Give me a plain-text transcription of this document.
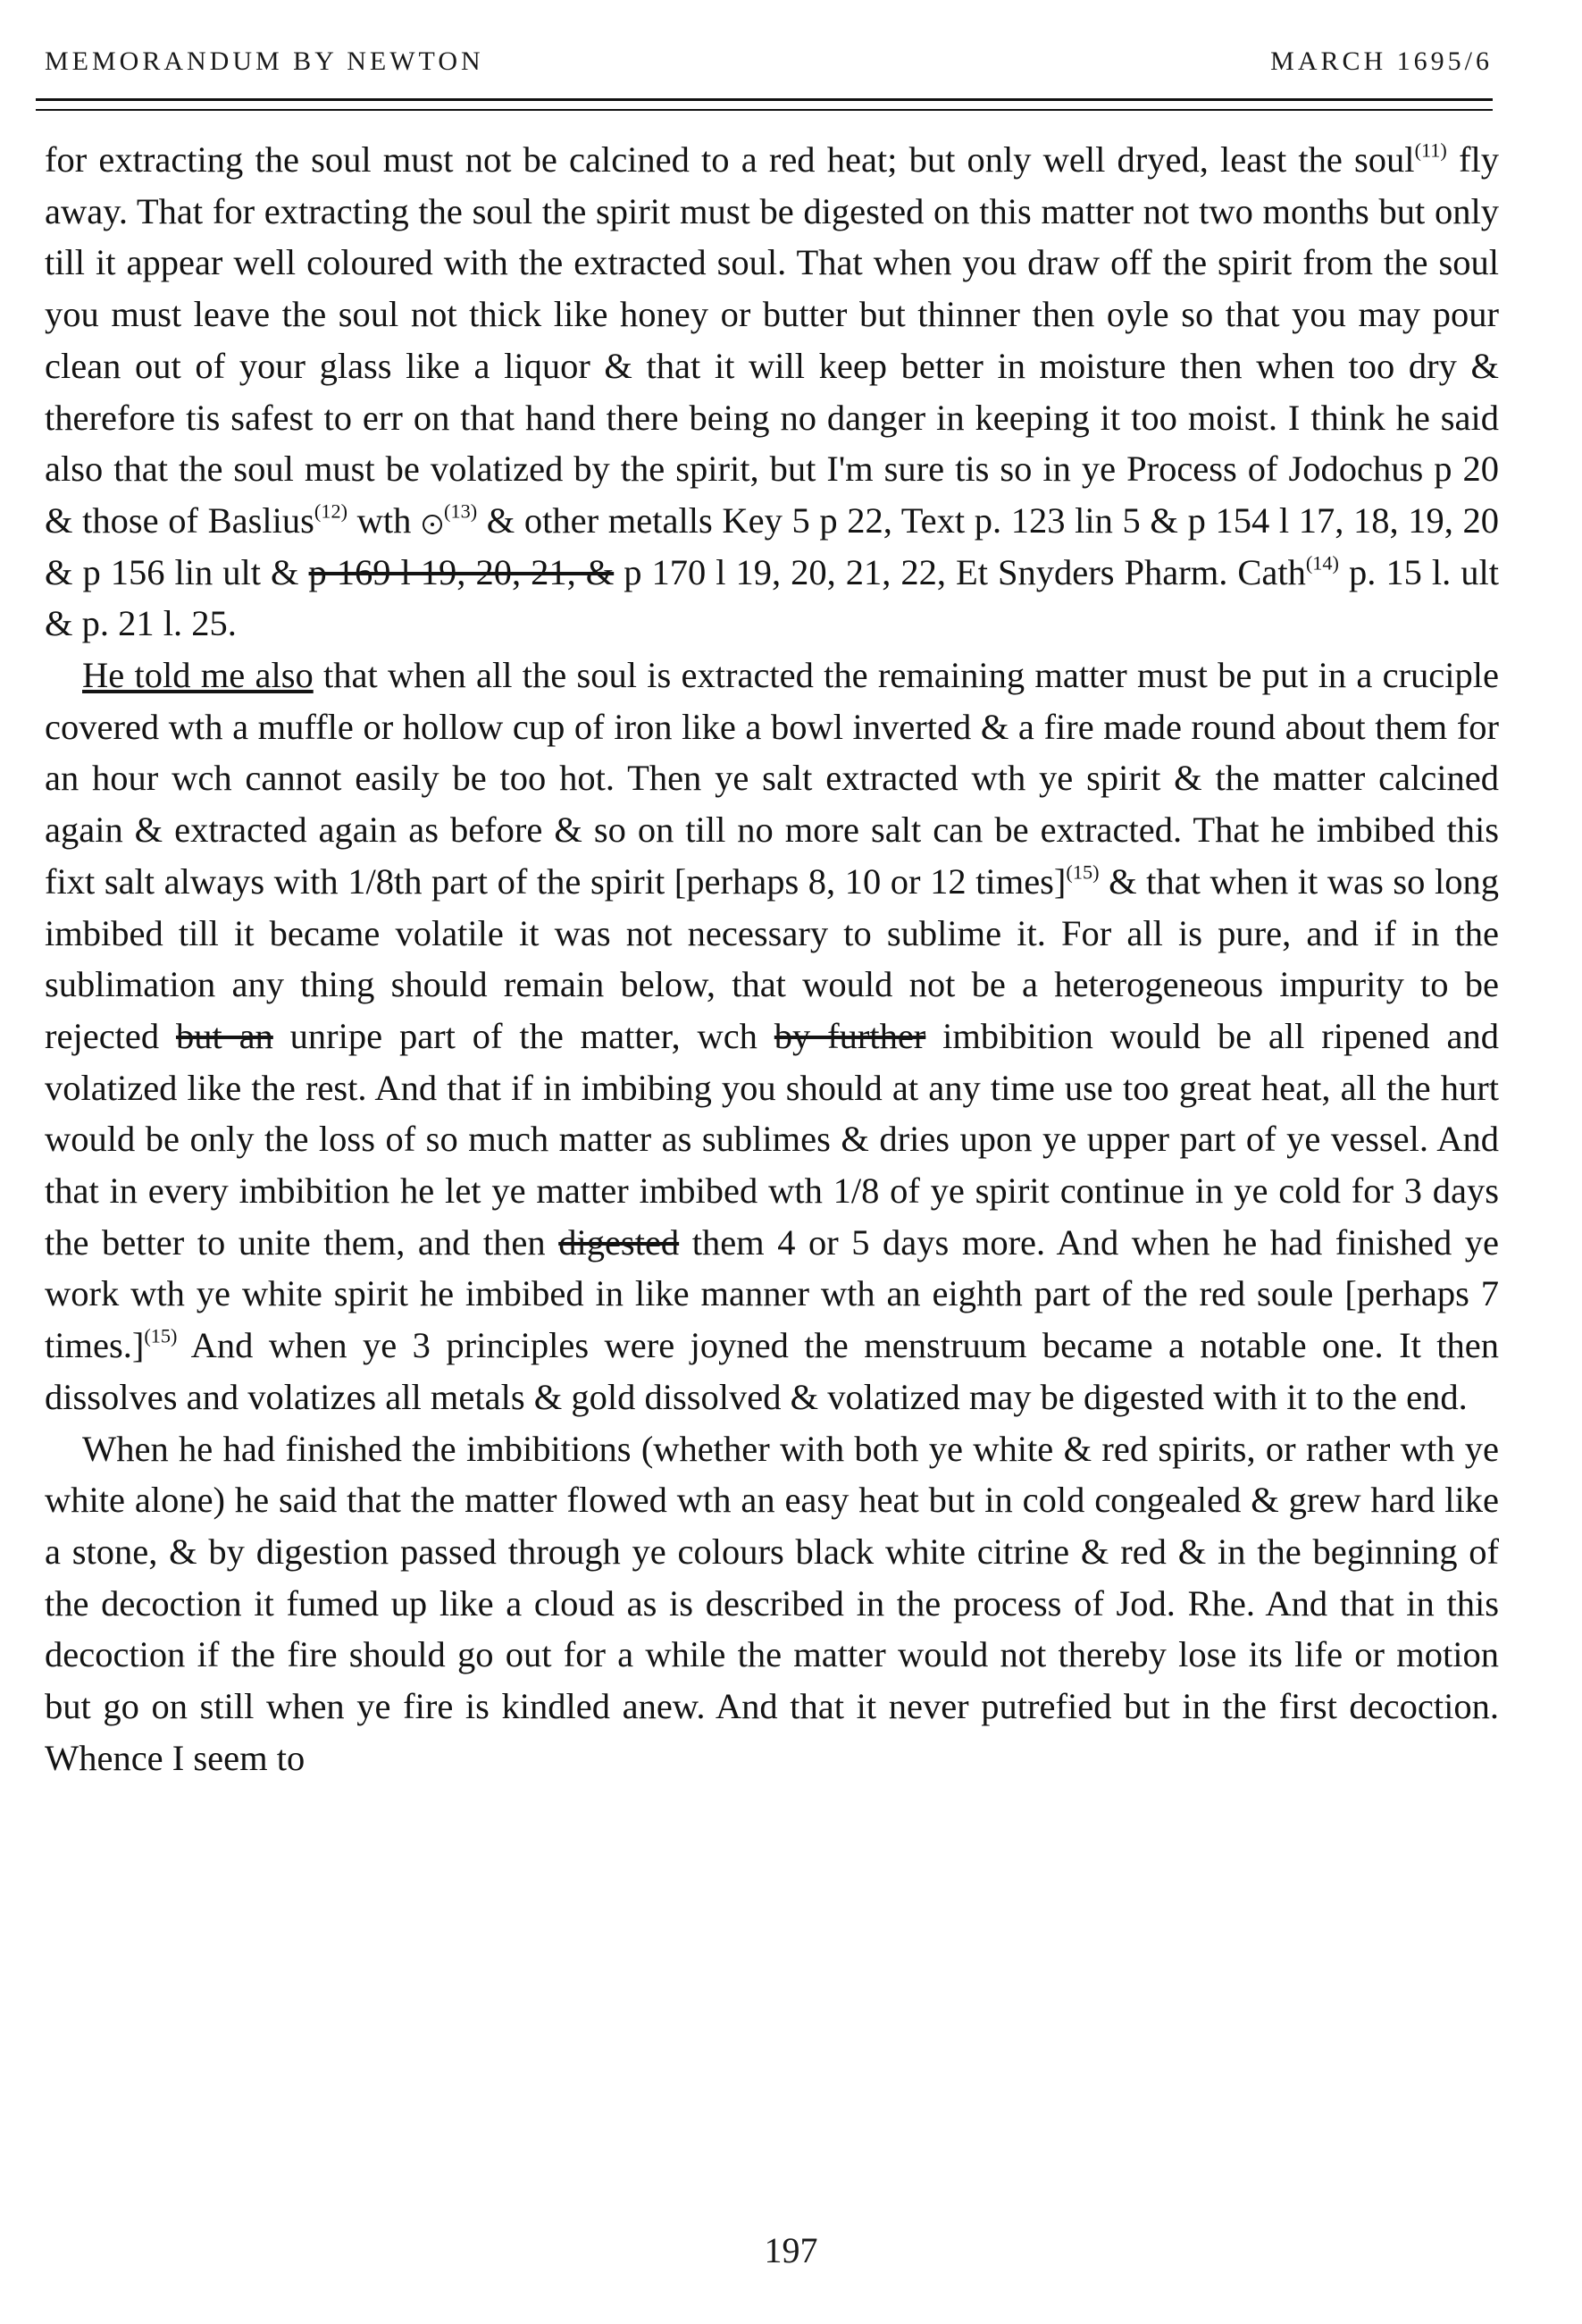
MEMORANDUM BY NEWTON	MARCH 1695/6

for extracting the soul must not be calcined to a red heat; but only well dryed, least the soul$^{(11)}$ fly away. That for extracting the soul the spirit must be digested on this matter not two months but only till it appear well coloured with the extracted soul. That when you draw off the spirit from the soul you must leave the soul not thick like honey or butter but thinner then oyle so that you may pour clean out of your glass like a liquor & that it will keep better in moisture then when too dry & therefore tis safest to err on that hand there being no danger in keeping it too moist. I think he said also that the soul must be volatized by the spirit, but I'm sure tis so in ye Process of Jodochus p 20 & those of Baslius$^{(12)}$ wth $^{(13)}$ & other metalls Key 5 p 22, Text p. 123 lin 5 & p 154 l 17, 18, 19, 20 & p 156 lin ult & p 169 l 19, 20, 21, & p 170 l 19, 20, 21, 22, Et Snyders Pharm. Cath$^{(14)}$ p. 15 l. ult & p. 21 l. 25.

He told me also that when all the soul is extracted the remaining matter must be put in a cruciple covered wth a muffle or hollow cup of iron like a bowl inverted & a fire made round about them for an hour wch cannot easily be too hot. Then ye salt extracted wth ye spirit & the matter calcined again & extracted again as before & so on till no more salt can be extracted. That he imbibed this fixt salt always with 1/8th part of the spirit [perhaps 8, 10 or 12 times]$^{(15)}$ & that when it was so long imbibed till it became volatile it was not necessary to sublime it. For all is pure, and if in the sublimation any thing should remain below, that would not be a heterogeneous impurity to be rejected but an unripe part of the matter, wch by further imbibition would be all ripened and volatized like the rest. And that if in imbibing you should at any time use too great heat, all the hurt would be only the loss of so much matter as sublimes & dries upon ye upper part of ye vessel. And that in every imbibition he let ye matter imbibed wth 1/8 of ye spirit continue in ye cold for 3 days the better to unite them, and then digested them 4 or 5 days more. And when he had finished ye work wth ye white spirit he imbibed in like manner wth an eighth part of the red soule [perhaps 7 times.]$^{(15)}$ And when ye 3 principles were joyned the menstruum became a notable one. It then dissolves and volatizes all metals & gold dissolved & volatized may be digested with it to the end.

When he had finished the imbibitions (whether with both ye white & red spirits, or rather wth ye white alone) he said that the matter flowed wth an easy heat but in cold congealed & grew hard like a stone, & by digestion passed through ye colours black white citrine & red & in the beginning of the decoction it fumed up like a cloud as is described in the process of Jod. Rhe. And that in this decoction if the fire should go out for a while the matter would not thereby lose its life or motion but go on still when ye fire is kindled anew. And that it never putrefied but in the first decoction. Whence I seem to

197
